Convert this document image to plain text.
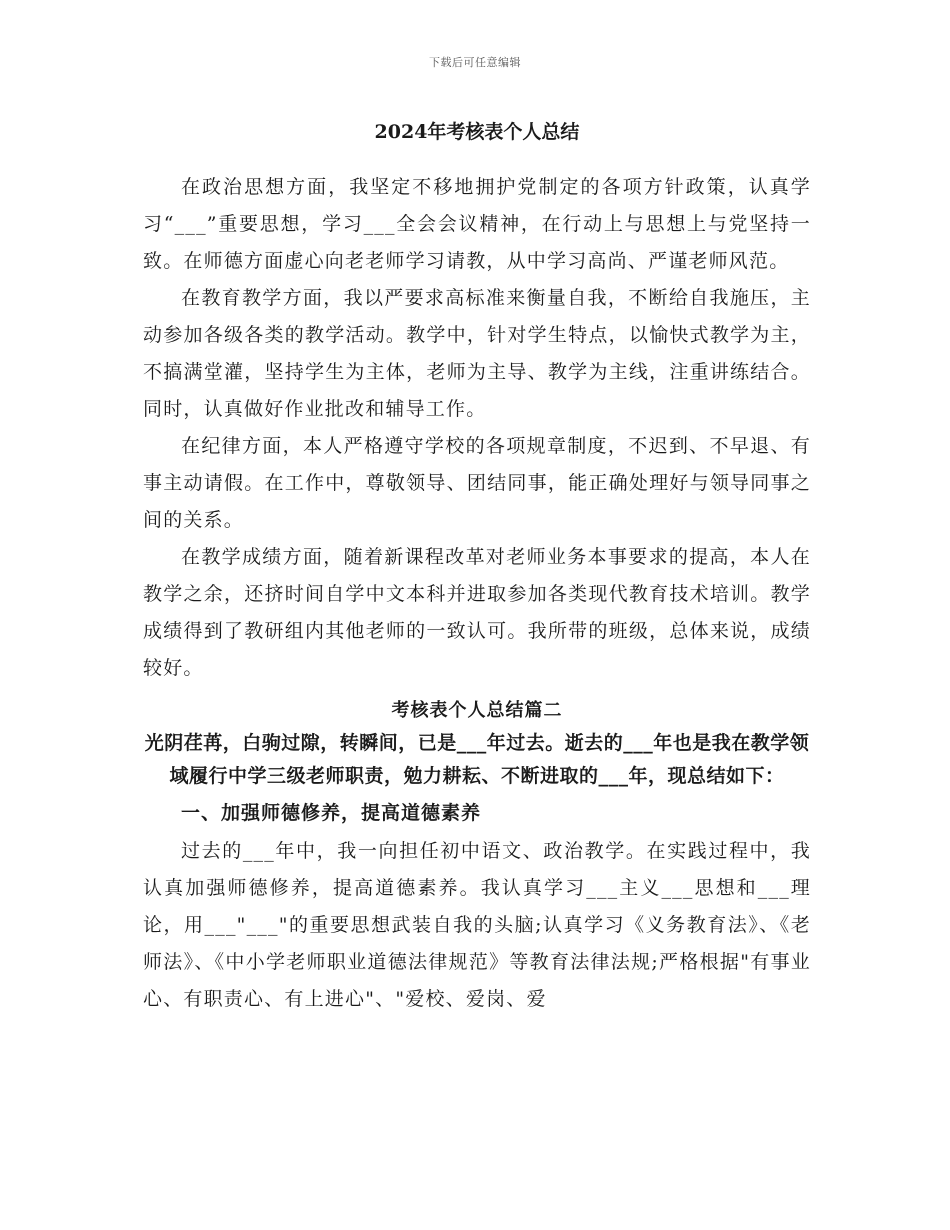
下载后可任意编辑
2024年考核表个人总结

在政治思想方面，我坚定不移地拥护党制定的各项方针政策，认真学习“___”重要思想，学习___全会会议精神，在行动上与思想上与党坚持一致。在师德方面虚心向老老师学习请教，从中学习高尚、严谨老师风范。

在教育教学方面，我以严要求高标准来衡量自我，不断给自我施压，主动参加各级各类的教学活动。教学中，针对学生特点，以愉快式教学为主，不搞满堂灌，坚持学生为主体，老师为主导、教学为主线，注重讲练结合。同时，认真做好作业批改和辅导工作。

在纪律方面，本人严格遵守学校的各项规章制度，不迟到、不早退、有事主动请假。在工作中，尊敬领导、团结同事，能正确处理好与领导同事之间的关系。

在教学成绩方面，随着新课程改革对老师业务本事要求的提高，本人在教学之余，还挤时间自学中文本科并进取参加各类现代教育技术培训。教学成绩得到了教研组内其他老师的一致认可。我所带的班级，总体来说，成绩较好。

考核表个人总结篇二

光阴荏苒，白驹过隙，转瞬间，已是___年过去。逝去的___年也是我在教学领域履行中学三级老师职责，勉力耕耘、不断进取的___年，现总结如下：

一、加强师德修养，提高道德素养

过去的___年中，我一向担任初中语文、政治教学。在实践过程中，我认真加强师德修养，提高道德素养。我认真学习___主义___思想和___理论，用___"___"的重要思想武装自我的头脑;认真学习《义务教育法》、《老师法》、《中小学老师职业道德法律规范》等教育法律法规;严格根据"有事业心、有职责心、有上进心"、"爱校、爱岗、爱
